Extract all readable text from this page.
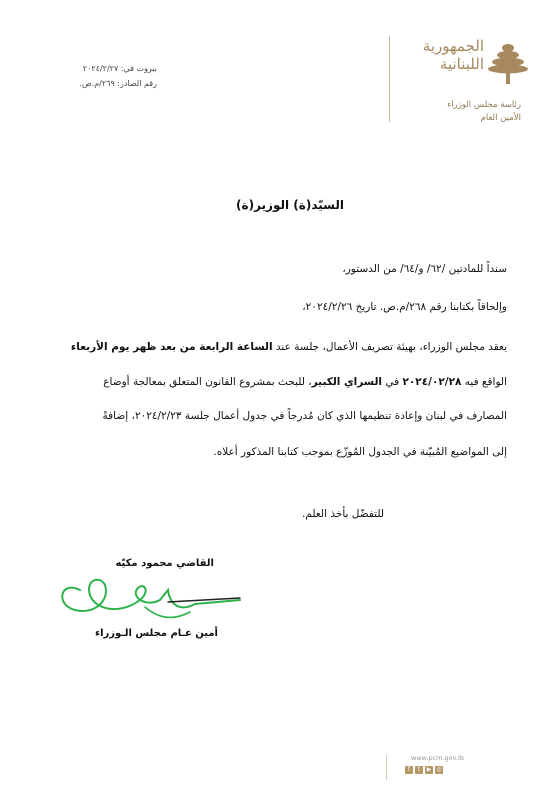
الجمهورية
اللبنانية
رئاسة مجلس الوزراء
الأمين العام
بيروت في: ٢٠٢٤/٢/٢٧
رقم الصادر: ٢٦٩/م.ص.
السيّد(ة) الوزير(ة)
سنداً للمادتين /٦٢/ و/٦٤/ من الدستور،
وإلحاقاً بكتابنا رقم ٢٦٨/م.ص. تاريخ ٢٠٢٤/٢/٢٦،
يعقد مجلس الوزراء، بهيئة تصريف الأعمال، جلسة عند الساعة الرابعة من بعد ظهر يوم الأربعاء
الواقع فيه ٢٠٢٤/٠٢/٢٨ في السراي الكبير، للبحث بمشروع القانون المتعلق بمعالجة أوضاع
المصارف في لبنان وإعادة تنظيمها الذي كان مُدرجاً في جدول أعمال جلسة ٢٠٢٤/٢/٢٣، إضافةً
إلى المواضيع المُبيّنة في الجدول المُوزّع بموجب كتابنا المذكور أعلاه.
للتفضّل بأخذ العلم.
القاضي محمود مكيّه
أمين عـام مجلس الـوزراء
www.pcm.gov.lb
f	t	▶ ◎
